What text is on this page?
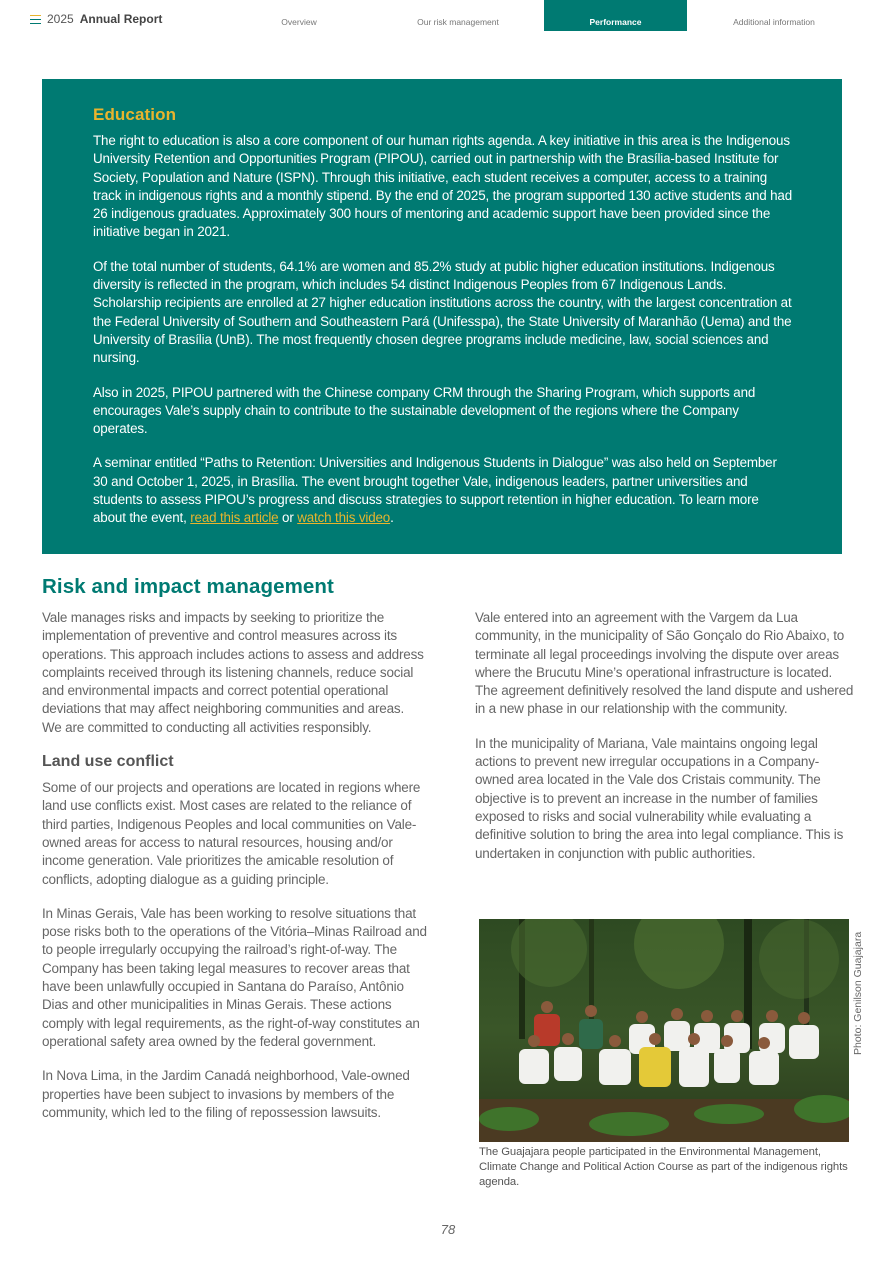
2025 Annual Report	Overview	Our risk management	Performance	Additional information
Education

The right to education is also a core component of our human rights agenda. A key initiative in this area is the Indigenous University Retention and Opportunities Program (PIPOU), carried out in partnership with the Brasília-based Institute for Society, Population and Nature (ISPN). Through this initiative, each student receives a computer, access to a training track in indigenous rights and a monthly stipend. By the end of 2025, the program supported 130 active students and had 26 indigenous graduates. Approximately 300 hours of mentoring and academic support have been provided since the initiative began in 2021.

Of the total number of students, 64.1% are women and 85.2% study at public higher education institutions. Indigenous diversity is reflected in the program, which includes 54 distinct Indigenous Peoples from 67 Indigenous Lands. Scholarship recipients are enrolled at 27 higher education institutions across the country, with the largest concentration at the Federal University of Southern and Southeastern Pará (Unifesspa), the State University of Maranhão (Uema) and the University of Brasília (UnB). The most frequently chosen degree programs include medicine, law, social sciences and nursing.

Also in 2025, PIPOU partnered with the Chinese company CRM through the Sharing Program, which supports and encourages Vale’s supply chain to contribute to the sustainable development of the regions where the Company operates.

A seminar entitled “Paths to Retention: Universities and Indigenous Students in Dialogue” was also held on September 30 and October 1, 2025, in Brasília. The event brought together Vale, indigenous leaders, partner universities and students to assess PIPOU’s progress and discuss strategies to support retention in higher education. To learn more about the event, read this article or watch this video.

Risk and impact management

Vale manages risks and impacts by seeking to prioritize the implementation of preventive and control measures across its operations. This approach includes actions to assess and address complaints received through its listening channels, reduce social and environmental impacts and correct potential operational deviations that may affect neighboring communities and areas. We are committed to conducting all activities responsibly.

Land use conflict

Some of our projects and operations are located in regions where land use conflicts exist. Most cases are related to the reliance of third parties, Indigenous Peoples and local communities on Vale-owned areas for access to natural resources, housing and/or income generation. Vale prioritizes the amicable resolution of conflicts, adopting dialogue as a guiding principle.

In Minas Gerais, Vale has been working to resolve situations that pose risks both to the operations of the Vitória–Minas Railroad and to people irregularly occupying the railroad’s right-of-way. The Company has been taking legal measures to recover areas that have been unlawfully occupied in Santana do Paraíso, Antônio Dias and other municipalities in Minas Gerais. These actions comply with legal requirements, as the right-of-way constitutes an operational safety area owned by the federal government.

In Nova Lima, in the Jardim Canadá neighborhood, Vale-owned properties have been subject to invasions by members of the community, which led to the filing of repossession lawsuits.

Vale entered into an agreement with the Vargem da Lua community, in the municipality of São Gonçalo do Rio Abaixo, to terminate all legal proceedings involving the dispute over areas where the Brucutu Mine’s operational infrastructure is located. The agreement definitively resolved the land dispute and ushered in a new phase in our relationship with the community.

In the municipality of Mariana, Vale maintains ongoing legal actions to prevent new irregular occupations in a Company-owned area located in the Vale dos Cristais community. The objective is to prevent an increase in the number of families exposed to risks and social vulnerability while evaluating a definitive solution to bring the area into legal compliance. This is undertaken in conjunction with public authorities.

Photo: Genilson Guajajara

The Guajajara people participated in the Environmental Management, Climate Change and Political Action Course as part of the indigenous rights agenda.

78
